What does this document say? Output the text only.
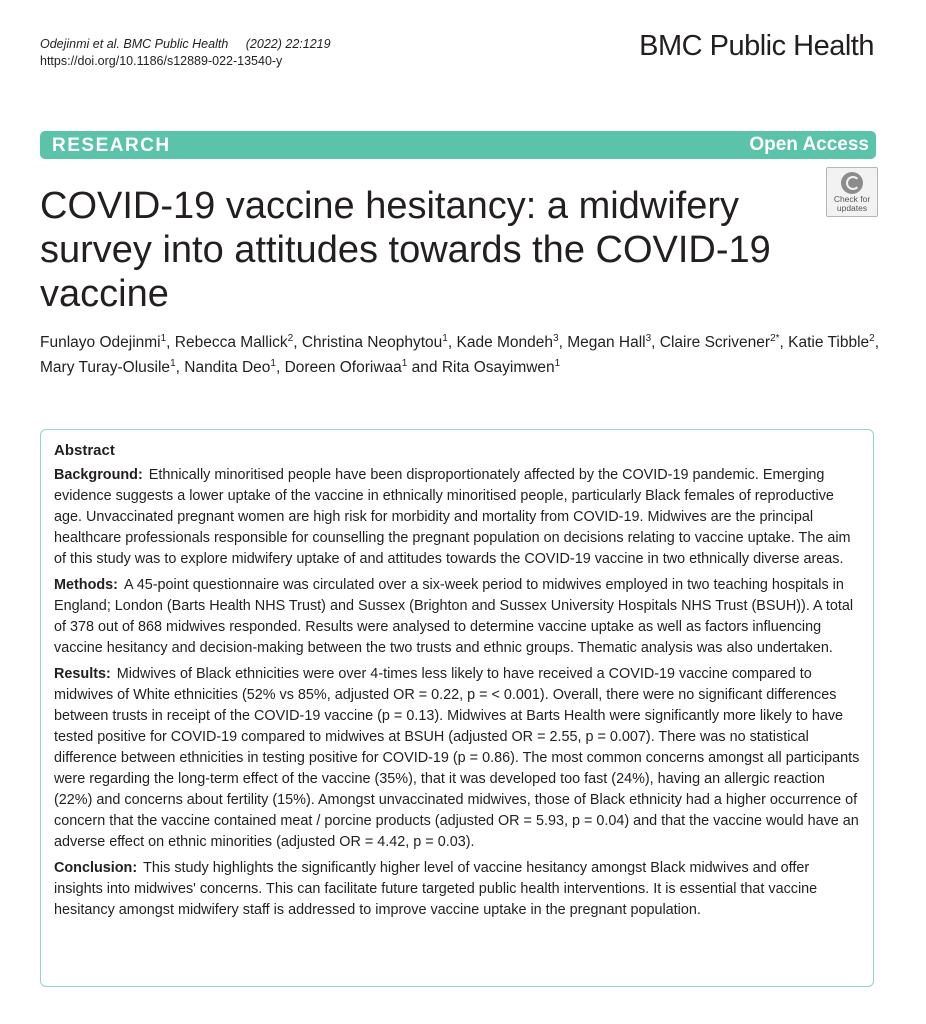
Odejinmi et al. BMC Public Health (2022) 22:1219
https://doi.org/10.1186/s12889-022-13540-y	BMC Public Health
RESEARCH	Open Access
Check for
updates
COVID-19 vaccine hesitancy: a midwifery survey into attitudes towards the COVID-19 vaccine
Funlayo Odejinmi$^1$, Rebecca Mallick$^2$, Christina Neophytou$^1$, Kade Mondeh$^3$, Megan Hall$^3$, Claire Scrivener$^{2*}$, Katie Tibble$^2$, Mary Turay-Olusile$^1$, Nandita Deo$^1$, Doreen Oforiwaa$^1$ and Rita Osayimwen$^1$
Abstract

Background: Ethnically minoritised people have been disproportionately affected by the COVID-19 pandemic. Emerging evidence suggests a lower uptake of the vaccine in ethnically minoritised people, particularly Black females of reproductive age. Unvaccinated pregnant women are high risk for morbidity and mortality from COVID-19. Midwives are the principal healthcare professionals responsible for counselling the pregnant population on decisions relating to vaccine uptake. The aim of this study was to explore midwifery uptake of and attitudes towards the COVID-19 vaccine in two ethnically diverse areas.

Methods: A 45-point questionnaire was circulated over a six-week period to midwives employed in two teaching hospitals in England; London (Barts Health NHS Trust) and Sussex (Brighton and Sussex University Hospitals NHS Trust (BSUH)). A total of 378 out of 868 midwives responded. Results were analysed to determine vaccine uptake as well as factors influencing vaccine hesitancy and decision-making between the two trusts and ethnic groups. Thematic analysis was also undertaken.

Results: Midwives of Black ethnicities were over 4-times less likely to have received a COVID-19 vaccine compared to midwives of White ethnicities (52% vs 85%, adjusted OR = 0.22, p = < 0.001). Overall, there were no significant differences between trusts in receipt of the COVID-19 vaccine (p = 0.13). Midwives at Barts Health were significantly more likely to have tested positive for COVID-19 compared to midwives at BSUH (adjusted OR = 2.55, p = 0.007). There was no statistical difference between ethnicities in testing positive for COVID-19 (p = 0.86). The most common concerns amongst all participants were regarding the long-term effect of the vaccine (35%), that it was developed too fast (24%), having an allergic reaction (22%) and concerns about fertility (15%). Amongst unvaccinated midwives, those of Black ethnicity had a higher occurrence of concern that the vaccine contained meat / porcine products (adjusted OR = 5.93, p = 0.04) and that the vaccine would have an adverse effect on ethnic minorities (adjusted OR = 4.42, p = 0.03).

Conclusion: This study highlights the significantly higher level of vaccine hesitancy amongst Black midwives and offer insights into midwives' concerns. This can facilitate future targeted public health interventions. It is essential that vaccine hesitancy amongst midwifery staff is addressed to improve vaccine uptake in the pregnant population.
